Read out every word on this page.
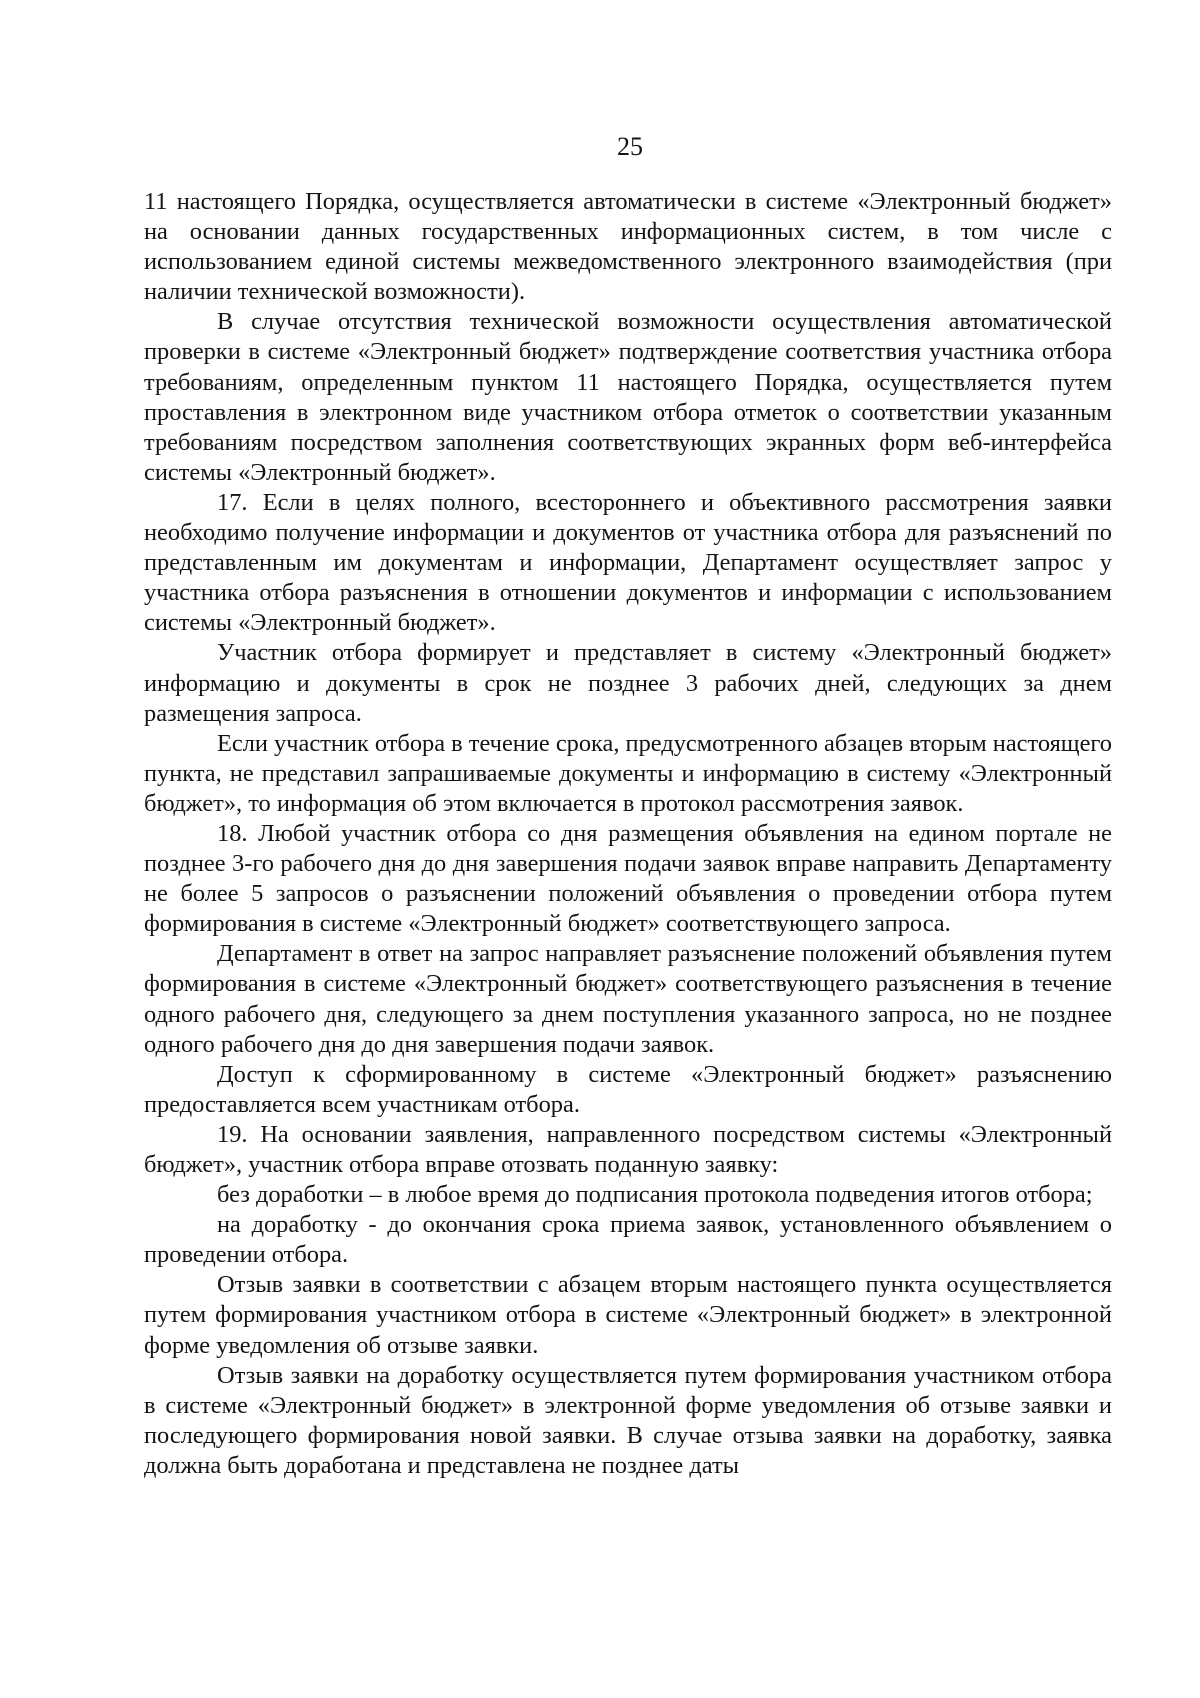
25

11 настоящего Порядка, осуществляется автоматически в системе «Электронный бюджет» на основании данных государственных информационных систем, в том числе с использованием единой системы межведомственного электронного взаимодействия (при наличии технической возможности).

В случае отсутствия технической возможности осуществления автоматической проверки в системе «Электронный бюджет» подтверждение соответствия участника отбора требованиям, определенным пунктом 11 настоящего Порядка, осуществляется путем проставления в электронном виде участником отбора отметок о соответствии указанным требованиям посредством заполнения соответствующих экранных форм веб-интерфейса системы «Электронный бюджет».

17. Если в целях полного, всестороннего и объективного рассмотрения заявки необходимо получение информации и документов от участника отбора для разъяснений по представленным им документам и информации, Департамент осуществляет запрос у участника отбора разъяснения в отношении документов и информации с использованием системы «Электронный бюджет».

Участник отбора формирует и представляет в систему «Электронный бюджет» информацию и документы в срок не позднее 3 рабочих дней, следующих за днем размещения запроса.

Если участник отбора в течение срока, предусмотренного абзацев вторым настоящего пункта, не представил запрашиваемые документы и информацию в систему «Электронный бюджет», то информация об этом включается в протокол рассмотрения заявок.

18. Любой участник отбора со дня размещения объявления на едином портале не позднее 3-го рабочего дня до дня завершения подачи заявок вправе направить Департаменту не более 5 запросов о разъяснении положений объявления о проведении отбора путем формирования в системе «Электронный бюджет» соответствующего запроса.

Департамент в ответ на запрос направляет разъяснение положений объявления путем формирования в системе «Электронный бюджет» соответствующего разъяснения в течение одного рабочего дня, следующего за днем поступления указанного запроса, но не позднее одного рабочего дня до дня завершения подачи заявок.

Доступ к сформированному в системе «Электронный бюджет» разъяснению предоставляется всем участникам отбора.

19. На основании заявления, направленного посредством системы «Электронный бюджет», участник отбора вправе отозвать поданную заявку:

без доработки – в любое время до подписания протокола подведения итогов отбора;

на доработку - до окончания срока приема заявок, установленного объявлением о проведении отбора.

Отзыв заявки в соответствии с абзацем вторым настоящего пункта осуществляется путем формирования участником отбора в системе «Электронный бюджет» в электронной форме уведомления об отзыве заявки.

Отзыв заявки на доработку осуществляется путем формирования участником отбора в системе «Электронный бюджет» в электронной форме уведомления об отзыве заявки и последующего формирования новой заявки. В случае отзыва заявки на доработку, заявка должна быть доработана и представлена не позднее даты
